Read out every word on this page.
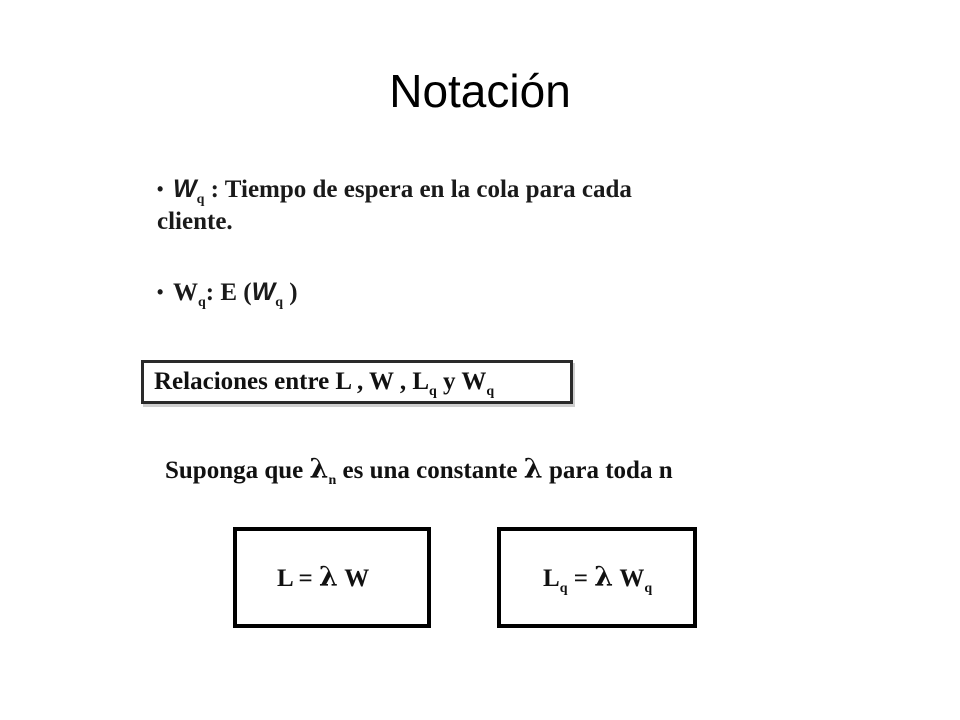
Notación
• $W_q$ : Tiempo de espera en la cola para cada
cliente.
• $W_q$: E ($W_q$ )
Relaciones entre L , W , $L_q$ y $W_q$
Suponga que $\lambda_n$ es una constante λ para toda n
L = λ W	$L_q = \lambda$ $W_q$
